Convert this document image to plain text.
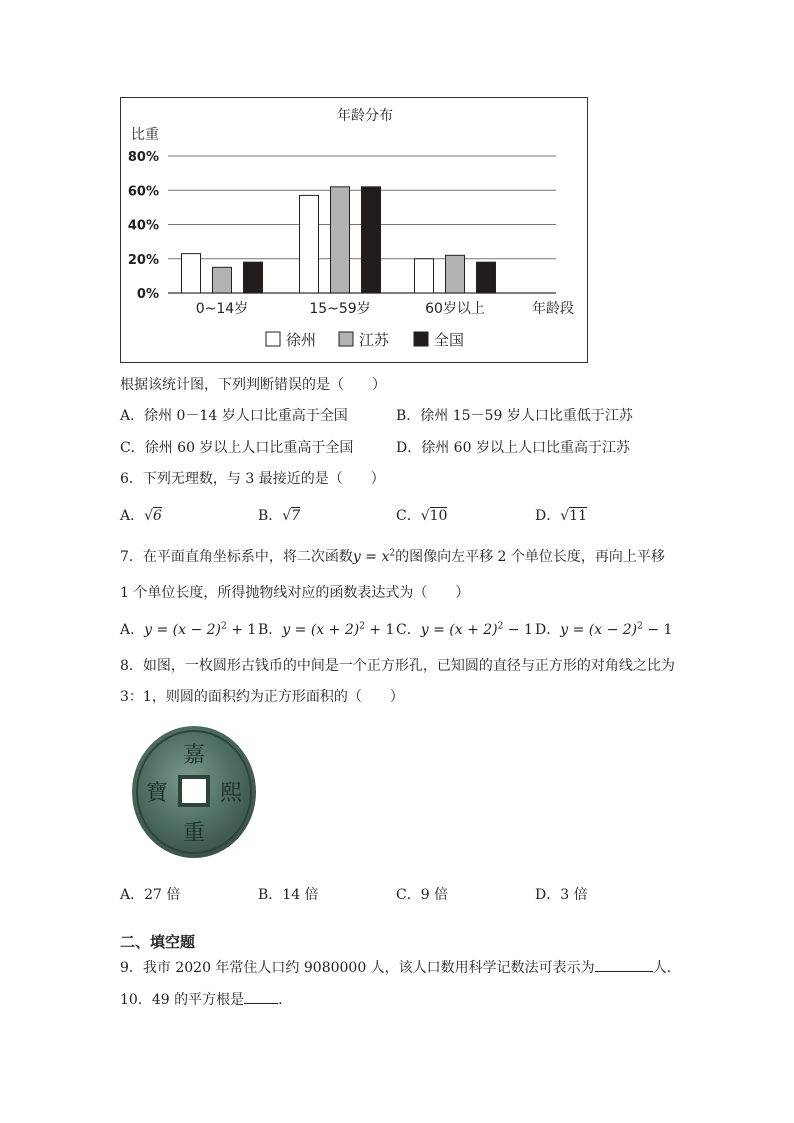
年龄分布
比重
0%
20%
40%
60%
80%
0~14岁	15~59岁	60岁以上	年龄段
徐州	江苏	全国
根据该统计图，下列判断错误的是（　　）
A．徐州 0－14 岁人口比重高于全国	B．徐州 15－59 岁人口比重低于江苏
C．徐州 60 岁以上人口比重高于全国	D．徐州 60 岁以上人口比重高于江苏
6．下列无理数，与 3 最接近的是（　　）
A．√6	B．√7	C．√10	D．√11
7．在平面直角坐标系中，将二次函数$y = x^2$的图像向左平移 2 个单位长度，再向上平移
1 个单位长度，所得抛物线对应的函数表达式为（　　）
A．$y = (x - 2)^2 + 1$ B．$y = (x + 2)^2 + 1$ C．$y = (x + 2)^2 - 1$ D．$y = (x - 2)^2 - 1$
8．如图，一枚圆形古钱币的中间是一个正方形孔，已知圆的直径与正方形的对角线之比为
3：1，则圆的面积约为正方形面积的（　　）
嘉
熙
重
寶
A．27 倍	B．14 倍	C．9 倍	D．3 倍
二、填空题
9．我市 2020 年常住人口约 9080000 人，该人口数用科学记数法可表示为	人．
10．49 的平方根是 .
